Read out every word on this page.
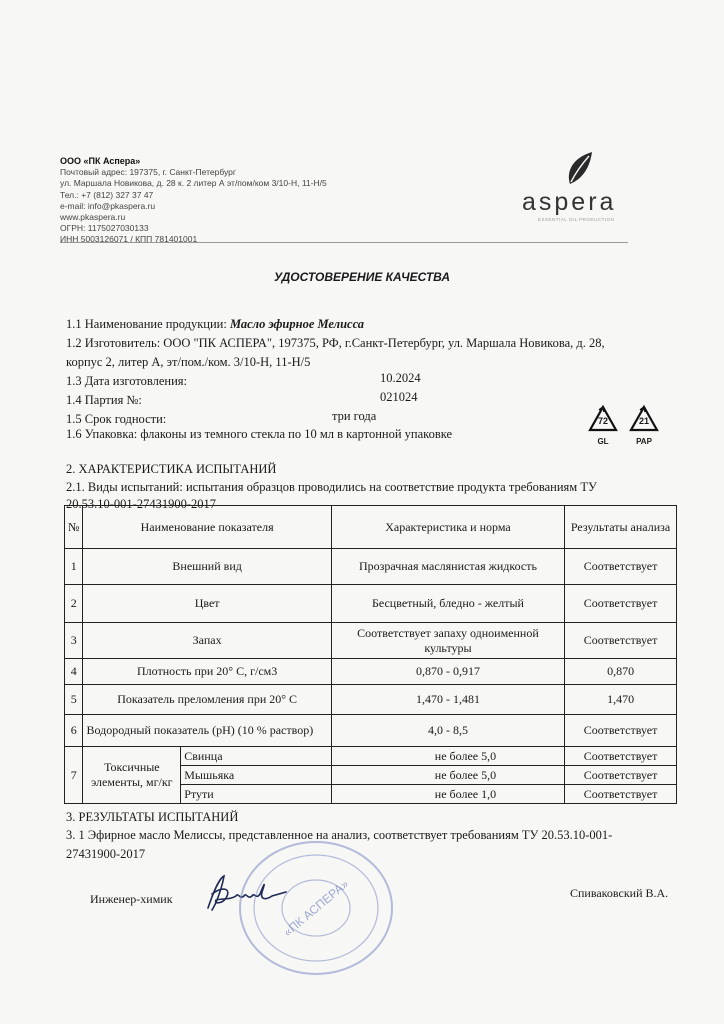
ООО «ПК Аспера»
Почтовый адрес: 197375, г. Санкт-Петербург
ул. Маршала Новикова, д. 28 к. 2 литер А эт/пом/ком 3/10-Н, 11-Н/5
Тел.: +7 (812) 327 37 47
e-mail: info@pkaspera.ru
www.pkaspera.ru
ОГРН: 1175027030133
ИНН 5003126071 / КПП 781401001
aspera
ESSENTIAL OIL PRODUCTION
УДОСТОВЕРЕНИЕ КАЧЕСТВА
1.1 Наименование продукции: Масло эфирное Мелисса
1.2 Изготовитель: ООО "ПК АСПЕРА", 197375, РФ, г.Санкт-Петербург, ул. Маршала Новикова, д. 28,
корпус 2, литер А, эт/пом./ком. 3/10-Н, 11-Н/5
1.3 Дата изготовления:	10.2024
1.4 Партия №:	021024
1.5 Срок годности:	три года
1.6 Упаковка: флаконы из темного стекла по 10 мл в картонной упаковке
72
GL
21
PAP
2. ХАРАКТЕРИСТИКА ИСПЫТАНИЙ
2.1. Виды испытаний: испытания образцов проводились на соответствие продукта требованиям ТУ
20.53.10-001-27431900-2017
№	Наименование показателя		Характеристика и норма	Результаты анализа
1	Внешний вид		Прозрачная маслянистая жидкость	Соответствует
2	Цвет		Бесцветный, бледно - желтый	Соответствует
3	Запах		Соответствует запаху одноименной культуры	Соответствует
4	Плотность при 20° С, г/см3		0,870 - 0,917	0,870
5	Показатель преломления при 20° С		1,470 - 1,481	1,470
6	Водородный показатель (рН) (10 % раствор)		4,0 - 8,5	Соответствует
7	Токсичные элементы, мг/кг	Свинца	не более 5,0	Соответствует
		Мышьяка	не более 5,0	Соответствует
		Ртути	не более 1,0	Соответствует
3. РЕЗУЛЬТАТЫ ИСПЫТАНИЙ
3. 1 Эфирное масло Мелиссы, представленное на анализ, соответствует требованиям ТУ 20.53.10-001-
27431900-2017
Инженер-химик	Спиваковский В.А.
«ПК АСПЕРА»
